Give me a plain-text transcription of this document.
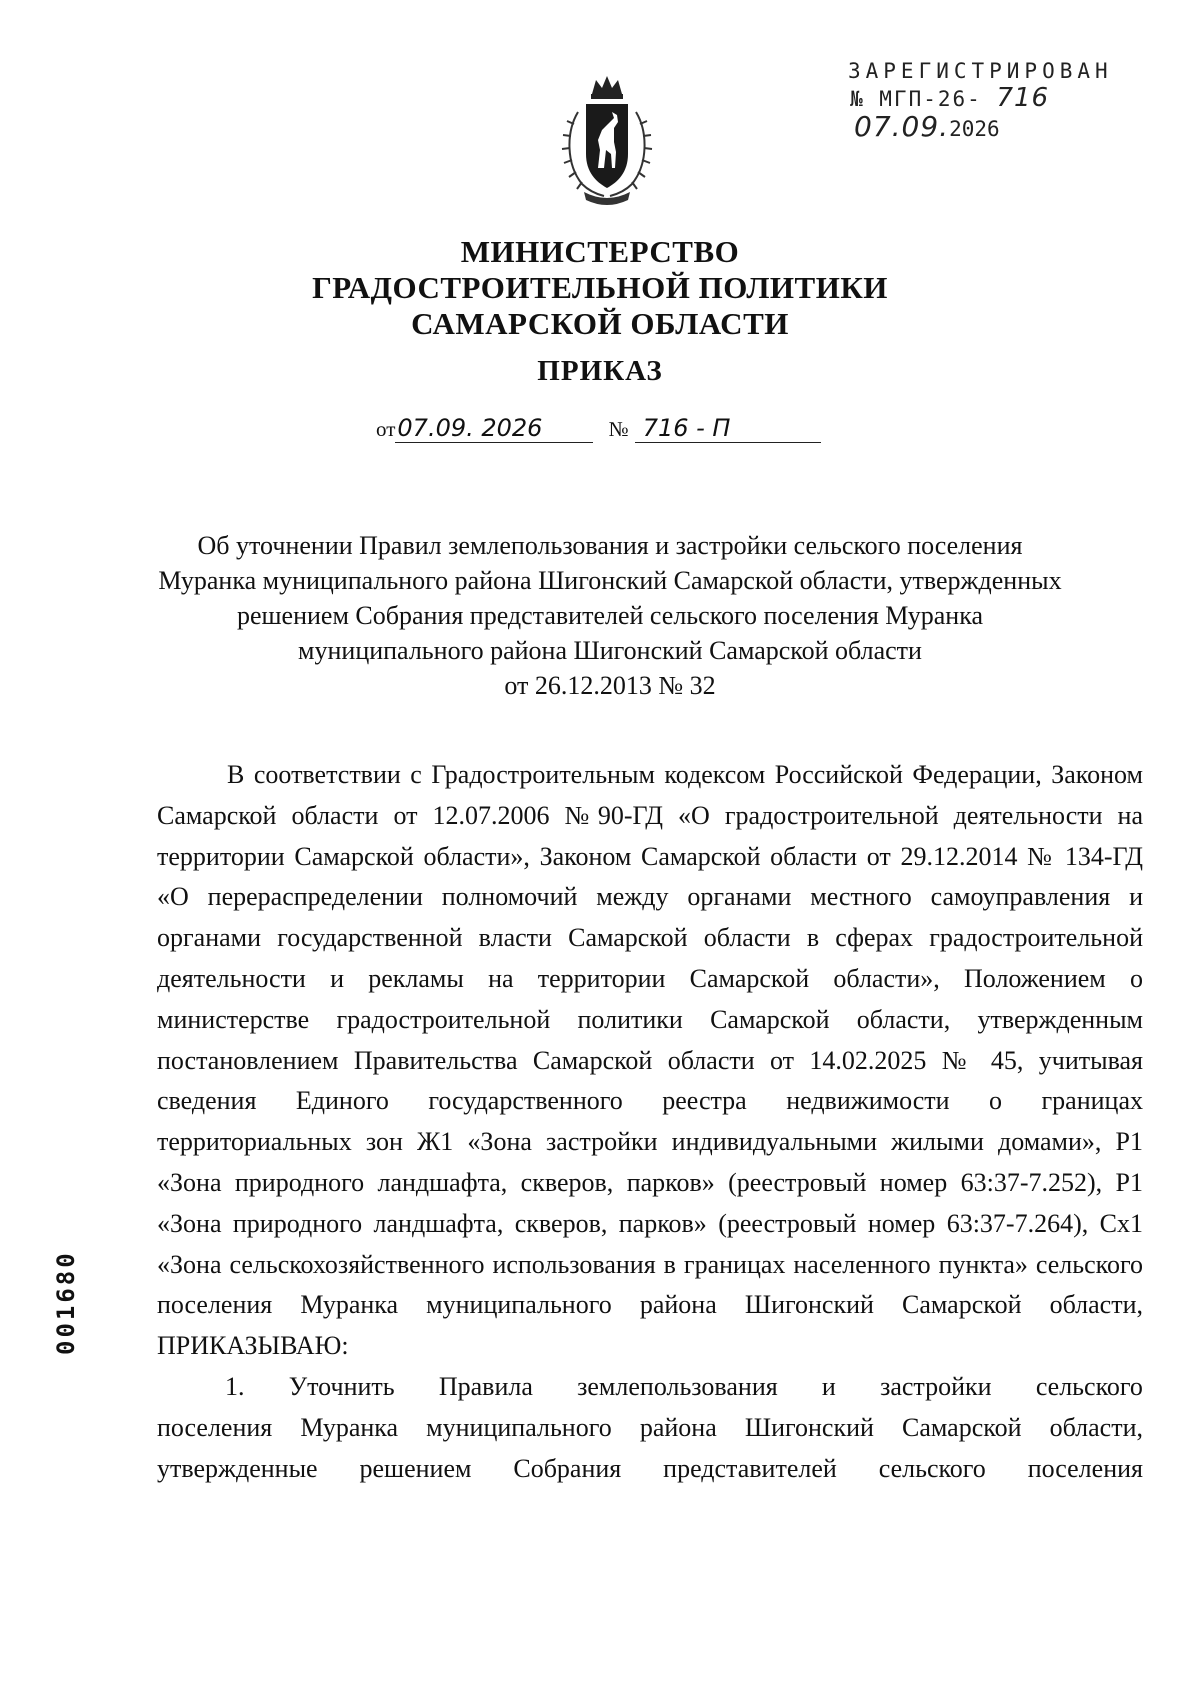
ЗАРЕГИСТРИРОВАН
№ МГП-26- 716
07.09.2026
МИНИСТЕРСТВО
ГРАДОСТРОИТЕЛЬНОЙ ПОЛИТИКИ
САМАРСКОЙ ОБЛАСТИ
ПРИКАЗ
от07.09. 2026	№ 716 - П
Об уточнении Правил землепользования и застройки сельского поселения
Муранка муниципального района Шигонский Самарской области, утвержденных
решением Собрания представителей сельского поселения Муранка
муниципального района Шигонский Самарской области
от 26.12.2013 № 32

В соответствии с Градостроительным кодексом Российской Федерации, Законом Самарской области от 12.07.2006 №90-ГД «О градостроительной деятельности на территории Самарской области», Законом Самарской области от 29.12.2014 № 134-ГД «О перераспределении полномочий между органами местного самоуправления и органами государственной власти Самарской области в сферах градостроительной деятельности и рекламы на территории Самарской области», Положением о министерстве градостроительной политики Самарской области, утвержденным постановлением Правительства Самарской области от 14.02.2025 № 45, учитывая сведения Единого государственного реестра недвижимости о границах территориальных зон Ж1 «Зона застройки индивидуальными жилыми домами», Р1 «Зона природного ландшафта, скверов, парков» (реестровый номер 63:37-7.252), Р1 «Зона природного ландшафта, скверов, парков» (реестровый номер 63:37-7.264), Сх1 «Зона сельскохозяйственного использования в границах населенного пункта» сельского поселения Муранка муниципального района Шигонский Самарской области, ПРИКАЗЫВАЮ:

1. Уточнить Правила землепользования и застройки сельского

поселения Муранка муниципального района Шигонский Самарской области, утвержденные решением Собрания представителей сельского поселения

001680
